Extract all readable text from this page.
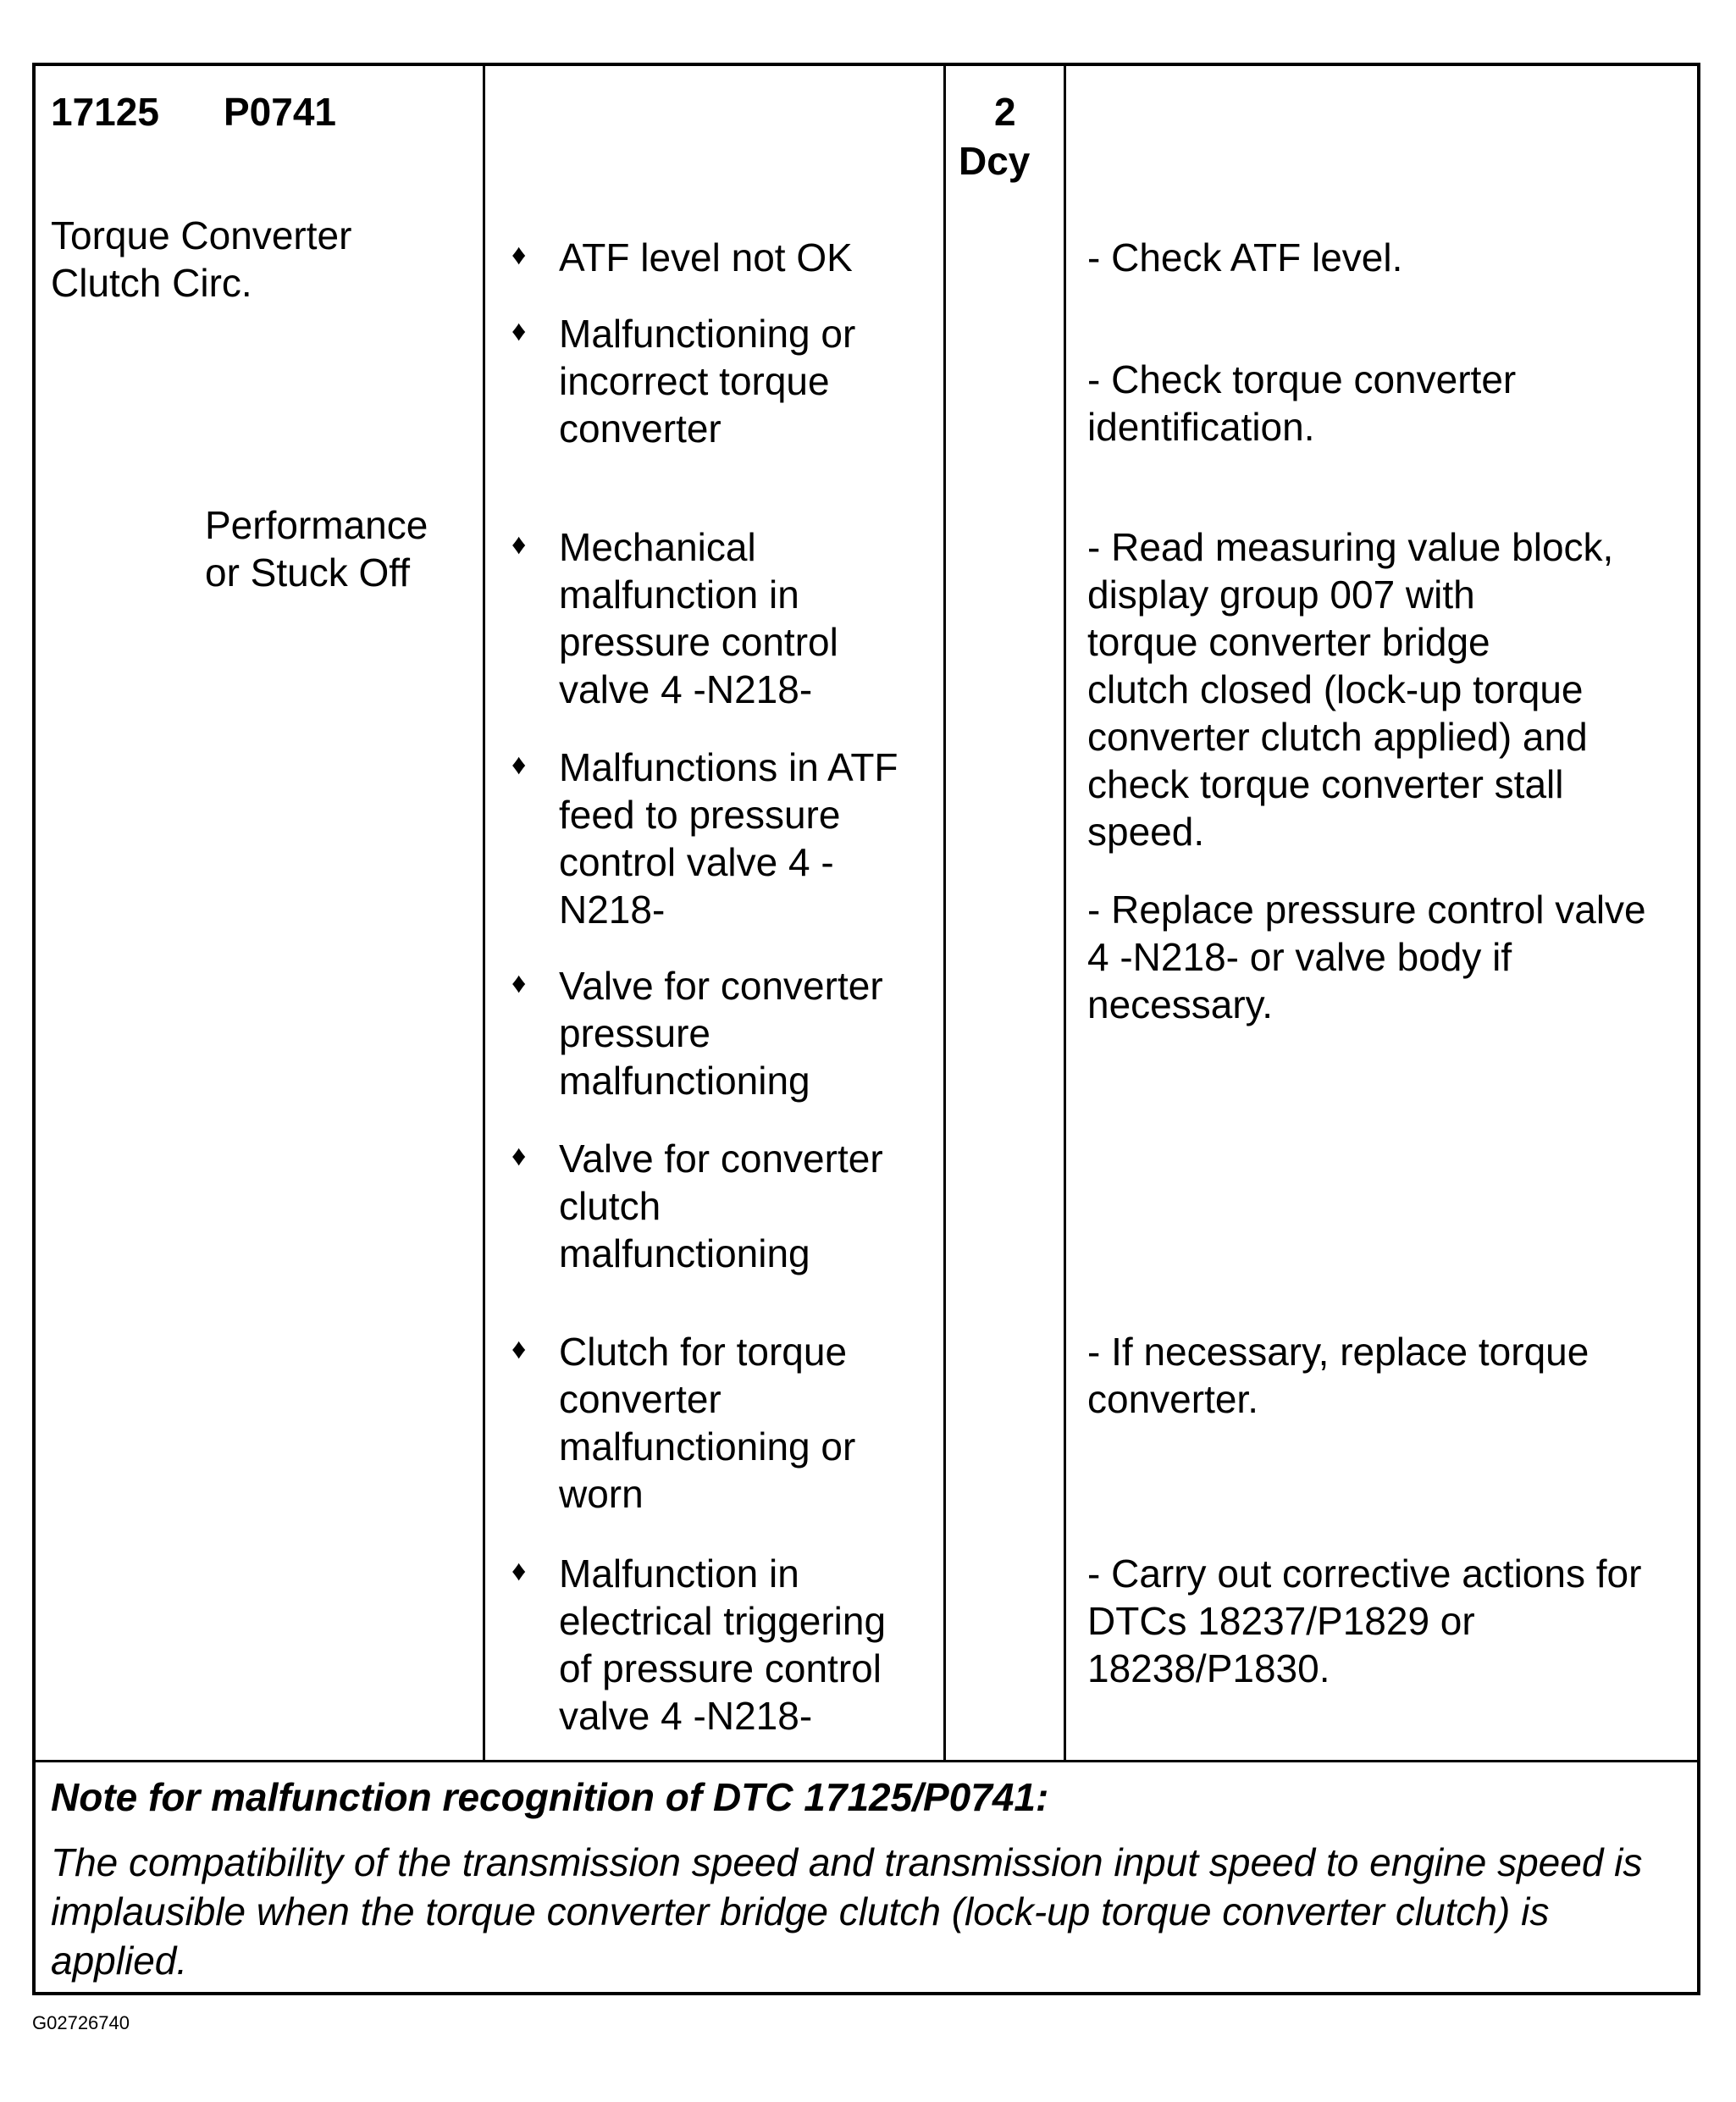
17125 P0741
Torque Converter
Clutch Circ.
Performance
or Stuck Off
2
Dcy
♦ ATF level not OK
♦ Malfunctioning or
incorrect torque
converter
♦ Mechanical
malfunction in
pressure control
valve 4 -N218-
♦ Malfunctions in ATF
feed to pressure
control valve 4 -
N218-
♦ Valve for converter
pressure
malfunctioning
♦ Valve for converter
clutch
malfunctioning
♦ Clutch for torque
converter
malfunctioning or
worn
♦ Malfunction in
electrical triggering
of pressure control
valve 4 -N218-
- Check ATF level.
- Check torque converter
identification.
- Read measuring value block,
display group 007 with
torque converter bridge
clutch closed (lock-up torque
converter clutch applied) and
check torque converter stall
speed.
- Replace pressure control valve
4 -N218- or valve body if
necessary.
- If necessary, replace torque
converter.
- Carry out corrective actions for
DTCs 18237/P1829 or
18238/P1830.
Note for malfunction recognition of DTC 17125/P0741:
The compatibility of the transmission speed and transmission input speed to engine speed is implausible when the torque converter bridge clutch (lock-up torque converter clutch) is applied.
G02726740
